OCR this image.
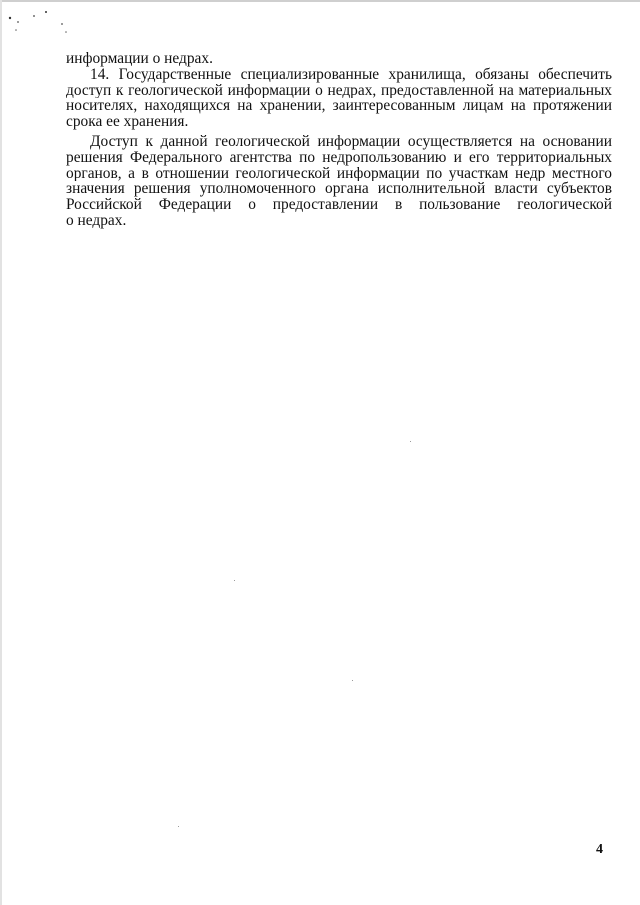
информации о недрах.
14. Государственные специализированные хранилища, обязаны обеспечить
доступ к геологической информации о недрах, предоставленной на материальных
носителях, находящихся на хранении, заинтересованным лицам на протяжении
срока ее хранения.
Доступ к данной геологической информации осуществляется на основании
решения Федерального агентства по недропользованию и его территориальных
органов, а в отношении геологической информации по участкам недр местного
значения решения уполномоченного органа исполнительной власти субъектов
Российской Федерации о предоставлении в пользование геологической
о недрах.
4
